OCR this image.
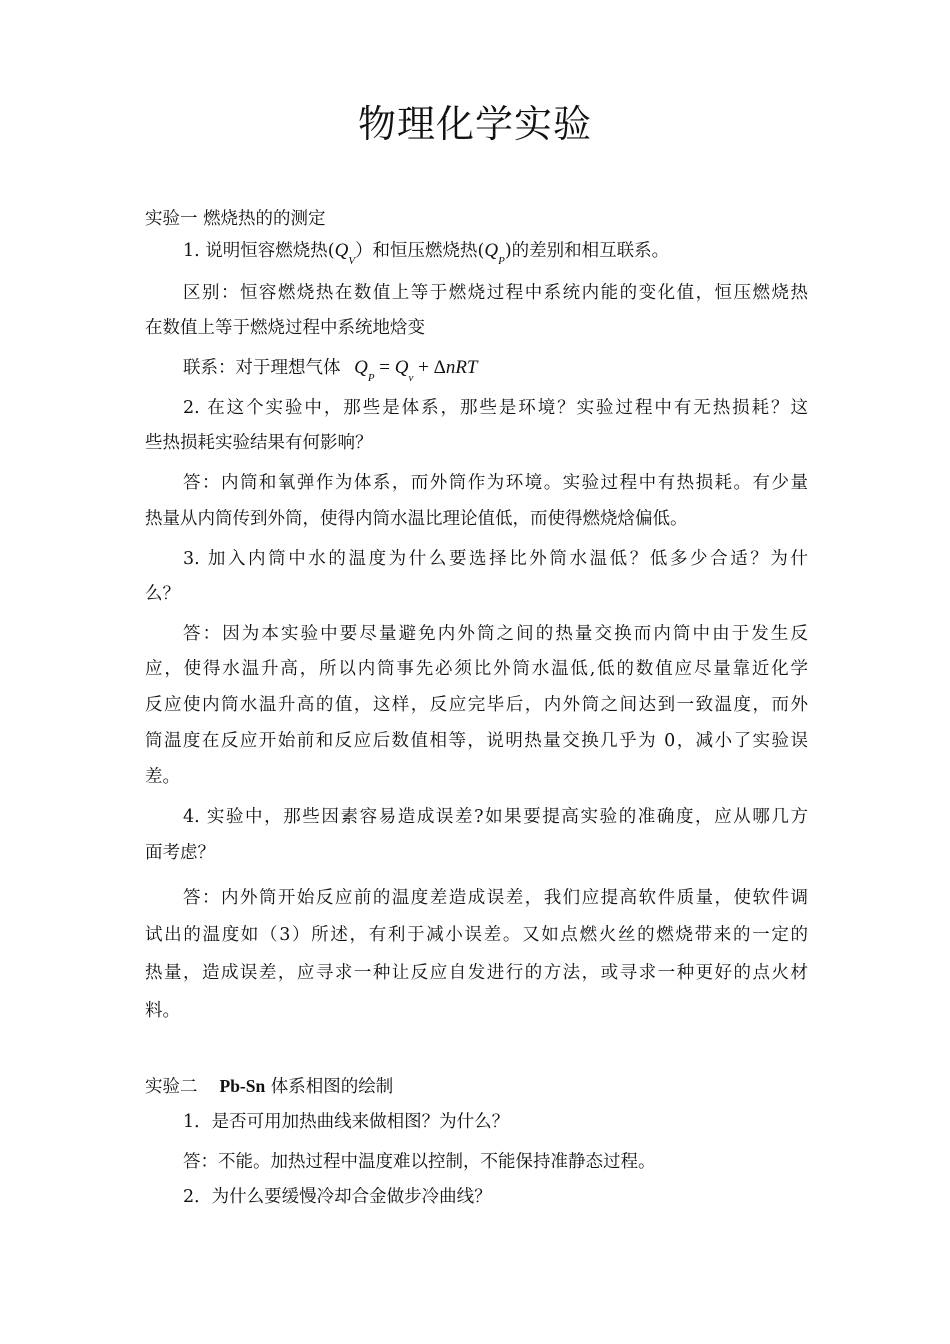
物理化学实验
实验一 燃烧热的的测定
1. 说明恒容燃烧热$(Q_V)$和恒压燃烧热$(Q_P)$的差别和相互联系。
区别：恒容燃烧热在数值上等于燃烧过程中系统内能的变化值，恒压燃烧热
在数值上等于燃烧过程中系统地焓变
联系：对于理想气体 $Q_P = Q_v + \Delta nRT$
2. 在这个实验中，那些是体系，那些是环境？实验过程中有无热损耗？这
些热损耗实验结果有何影响？
答：内筒和氧弹作为体系，而外筒作为环境。实验过程中有热损耗。有少量
热量从内筒传到外筒，使得内筒水温比理论值低，而使得燃烧焓偏低。
3. 加入内筒中水的温度为什么要选择比外筒水温低？低多少合适？为什
么？
答：因为本实验中要尽量避免内外筒之间的热量交换而内筒中由于发生反
应，使得水温升高，所以内筒事先必须比外筒水温低,低的数值应尽量靠近化学
反应使内筒水温升高的值，这样，反应完毕后，内外筒之间达到一致温度，而外
筒温度在反应开始前和反应后数值相等，说明热量交换几乎为 0，减小了实验误
差。
4. 实验中，那些因素容易造成误差?如果要提高实验的准确度，应从哪几方
面考虑？
答：内外筒开始反应前的温度差造成误差，我们应提高软件质量，使软件调
试出的温度如（3）所述，有利于减小误差。又如点燃火丝的燃烧带来的一定的
热量，造成误差，应寻求一种让反应自发进行的方法，或寻求一种更好的点火材
料。
实验二 Pb-Sn 体系相图的绘制
1．是否可用加热曲线来做相图？为什么？
答：不能。加热过程中温度难以控制，不能保持准静态过程。
2．为什么要缓慢冷却合金做步冷曲线？
